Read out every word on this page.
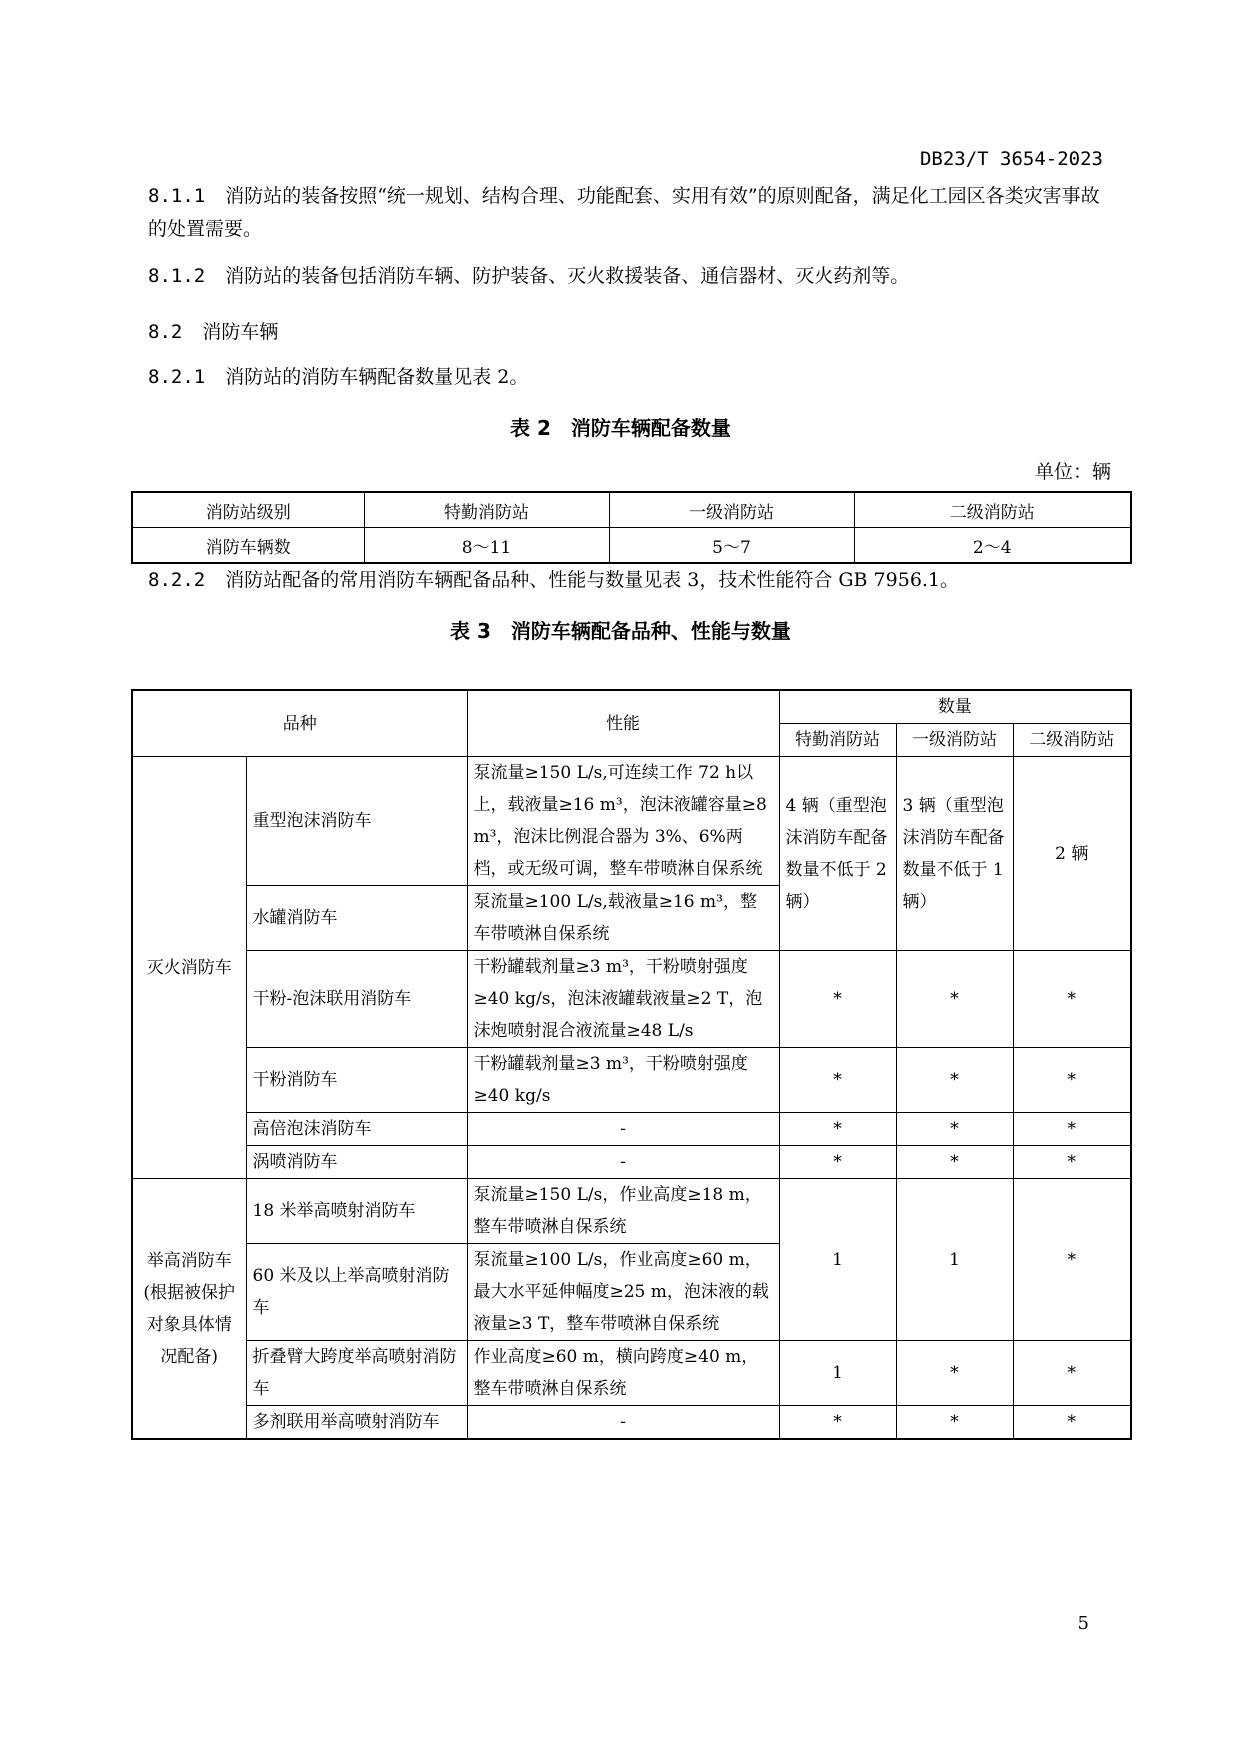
DB23/T 3654-2023
8.1.1 消防站的装备按照“统一规划、结构合理、功能配套、实用有效”的原则配备，满足化工园区各类灾害事故的处置需要。
8.1.2 消防站的装备包括消防车辆、防护装备、灭火救援装备、通信器材、灭火药剂等。
8.2 消防车辆
8.2.1 消防站的消防车辆配备数量见表 2。
表 2　消防车辆配备数量
单位：辆
消防站级别	特勤消防站	一级消防站	二级消防站
消防车辆数	8～11	5～7	2～4
8.2.2 消防站配备的常用消防车辆配备品种、性能与数量见表 3，技术性能符合 GB 7956.1。
表 3　消防车辆配备品种、性能与数量
品种		性能	数量		
			特勤消防站	一级消防站	二级消防站
灭火消防车	重型泡沫消防车	泵流量≥150 L/s,可连续工作 72 h以上，载液量≥16 m³，泡沫液罐容量≥8 m³，泡沫比例混合器为 3%、6%两档，或无级可调，整车带喷淋自保系统	4 辆（重型泡沫消防车配备数量不低于 2 辆）	3 辆（重型泡沫消防车配备数量不低于 1 辆）	2 辆
	水罐消防车	泵流量≥100 L/s,载液量≥16 m³，整车带喷淋自保系统			
	干粉-泡沫联用消防车	干粉罐载剂量≥3 m³，干粉喷射强度≥40 kg/s，泡沫液罐载液量≥2 T，泡沫炮喷射混合液流量≥48 L/s	*	*	*
	干粉消防车	干粉罐载剂量≥3 m³，干粉喷射强度≥40 kg/s	*	*	*
	高倍泡沫消防车	-	*	*	*
	涡喷消防车	-	*	*	*
举高消防车(根据被保护对象具体情况配备)	18 米举高喷射消防车	泵流量≥150 L/s，作业高度≥18 m，整车带喷淋自保系统	1	1	*
	60 米及以上举高喷射消防车	泵流量≥100 L/s，作业高度≥60 m，最大水平延伸幅度≥25 m，泡沫液的载液量≥3 T，整车带喷淋自保系统			
	折叠臂大跨度举高喷射消防车	作业高度≥60 m，横向跨度≥40 m，整车带喷淋自保系统	1	*	*
	多剂联用举高喷射消防车	-	*	*	*
5
